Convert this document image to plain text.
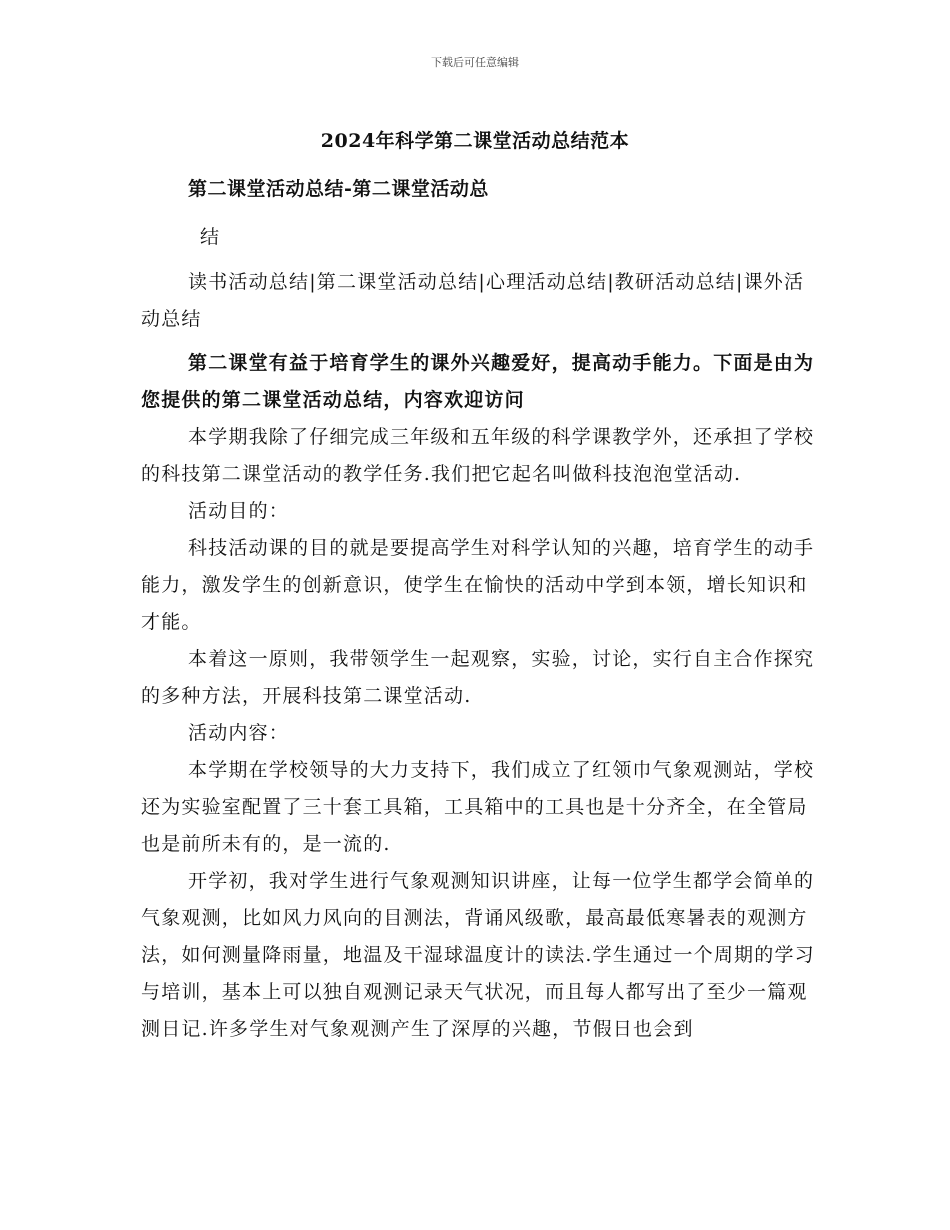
下载后可任意编辑
2024年科学第二课堂活动总结范本
第二课堂活动总结-第二课堂活动总
结

读书活动总结|第二课堂活动总结|心理活动总结|教研活动总结|课外活动总结

第二课堂有益于培育学生的课外兴趣爱好，提高动手能力。下面是由为您提供的第二课堂活动总结，内容欢迎访问

本学期我除了仔细完成三年级和五年级的科学课教学外，还承担了学校的科技第二课堂活动的教学任务.我们把它起名叫做科技泡泡堂活动.

活动目的：

科技活动课的目的就是要提高学生对科学认知的兴趣，培育学生的动手能力，激发学生的创新意识，使学生在愉快的活动中学到本领，增长知识和才能。

本着这一原则，我带领学生一起观察，实验，讨论，实行自主合作探究的多种方法，开展科技第二课堂活动.

活动内容：

本学期在学校领导的大力支持下，我们成立了红领巾气象观测站，学校还为实验室配置了三十套工具箱，工具箱中的工具也是十分齐全，在全管局也是前所未有的，是一流的.

开学初，我对学生进行气象观测知识讲座，让每一位学生都学会简单的气象观测，比如风力风向的目测法，背诵风级歌，最高最低寒暑表的观测方法，如何测量降雨量，地温及干湿球温度计的读法.学生通过一个周期的学习与培训，基本上可以独自观测记录天气状况，而且每人都写出了至少一篇观测日记.许多学生对气象观测产生了深厚的兴趣，节假日也会到
